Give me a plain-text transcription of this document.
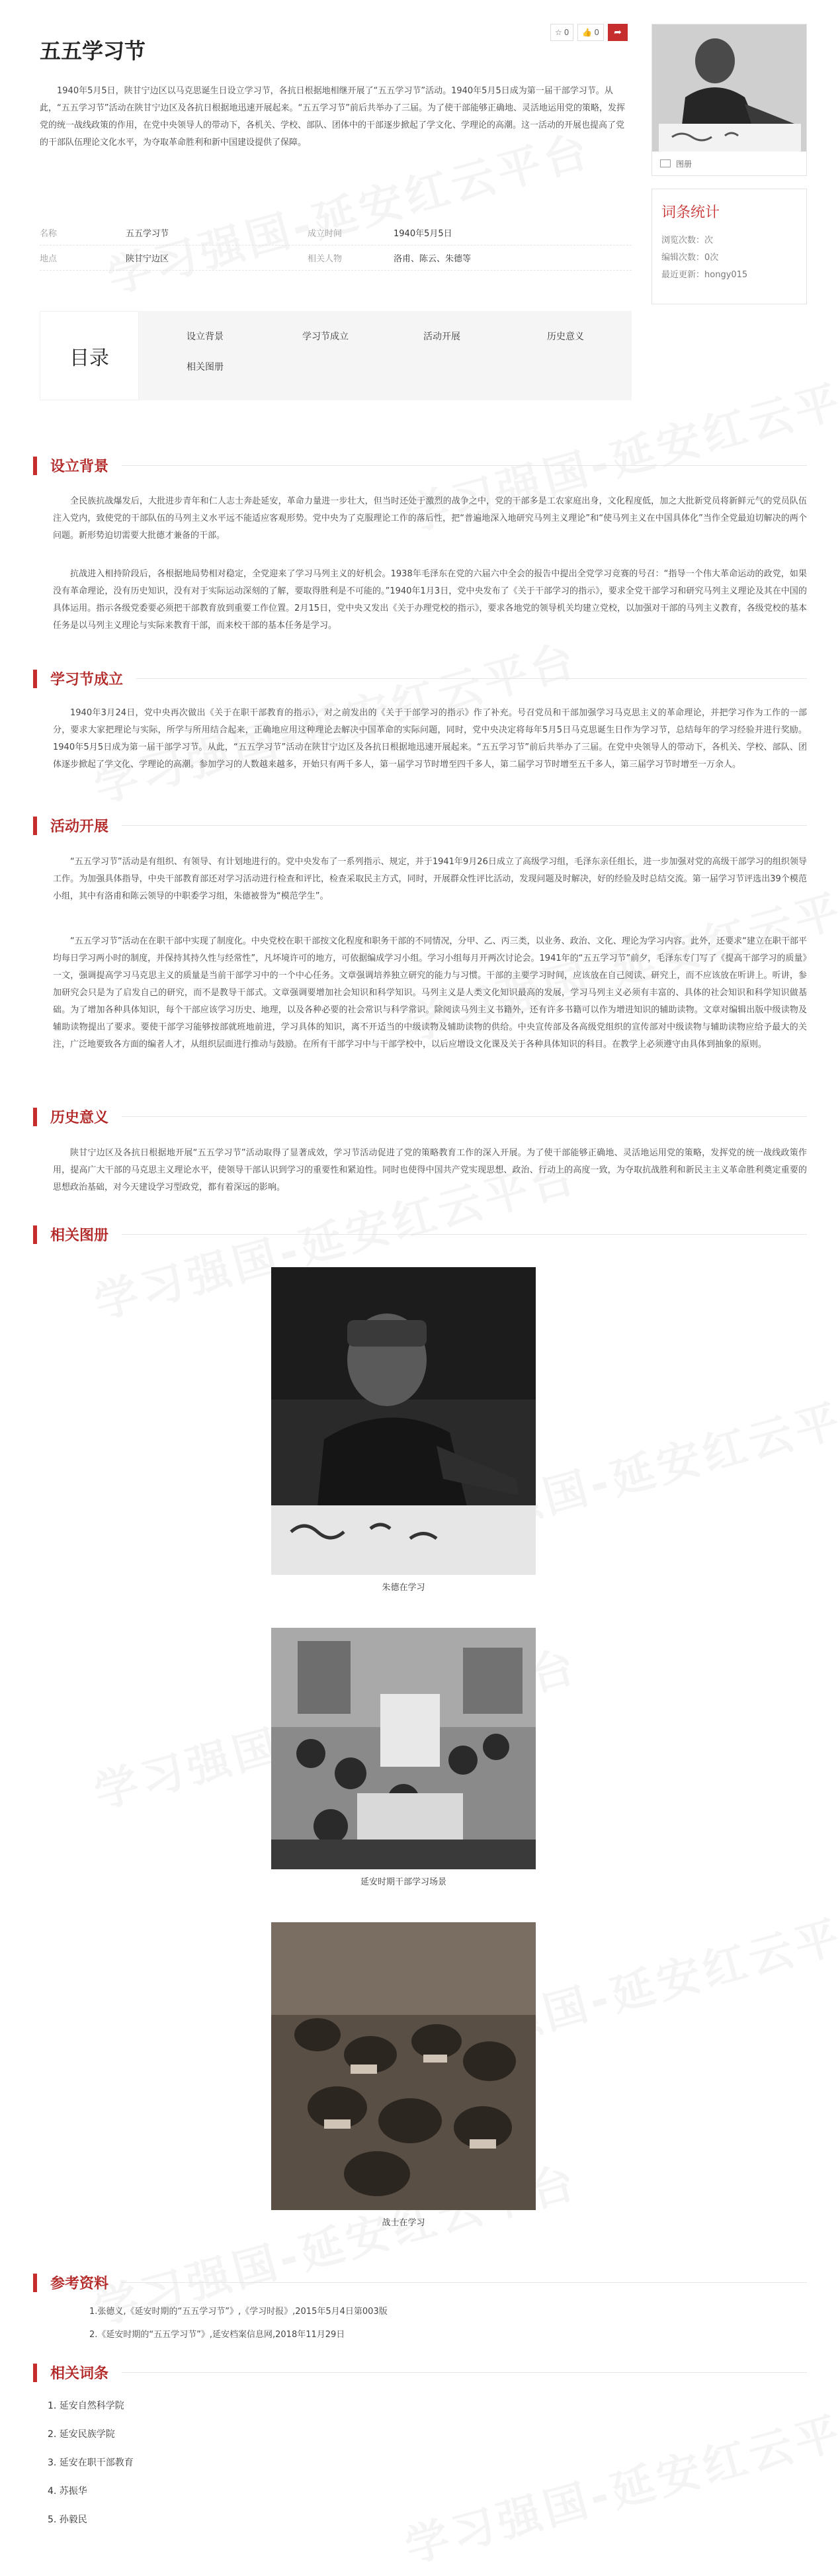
五五学习节
☆ 0 👍 0 ➦

1940年5月5日，陕甘宁边区以马克思诞生日设立学习节，各抗日根据地相继开展了“五五学习节”活动。1940年5月5日成为第一届干部学习节。从此，“五五学习节”活动在陕甘宁边区及各抗日根据地迅速开展起来。“五五学习节”前后共举办了三届。为了使干部能够正确地、灵活地运用党的策略，发挥党的统一战线政策的作用，在党中央领导人的带动下，各机关、学校、部队、团体中的干部逐步掀起了学文化、学理论的高潮。这一活动的开展也提高了党的干部队伍理论文化水平，为夺取革命胜利和新中国建设提供了保障。

图册
词条统计
浏览次数：次
编辑次数：0次
最近更新：hongy015
名称	五五学习节	成立时间	1940年5月5日
地点	陕甘宁边区	相关人物	洛甫、陈云、朱德等
目录
设立背景	学习节成立	活动开展	历史意义
相关图册
设立背景

全民族抗战爆发后，大批进步青年和仁人志士奔赴延安，革命力量进一步壮大，但当时还处于激烈的战争之中，党的干部多是工农家庭出身，文化程度低，加之大批新党员将新鲜元气的党员队伍注入党内，致使党的干部队伍的马列主义水平远不能适应客观形势。党中央为了克服理论工作的落后性，把“普遍地深入地研究马列主义理论”和“使马列主义在中国具体化”当作全党最迫切解决的两个问题。新形势迫切需要大批德才兼备的干部。

抗战进入相持阶段后，各根据地局势相对稳定，全党迎来了学习马列主义的好机会。1938年毛泽东在党的六届六中全会的报告中提出全党学习竞赛的号召：“指导一个伟大革命运动的政党，如果没有革命理论，没有历史知识，没有对于实际运动深刻的了解，要取得胜利是不可能的。”1940年1月3日，党中央发布了《关于干部学习的指示》，要求全党干部学习和研究马列主义理论及其在中国的具体运用。指示各级党委要必须把干部教育放到重要工作位置。2月15日，党中央又发出《关于办理党校的指示》，要求各地党的领导机关均建立党校，以加强对干部的马列主义教育，各级党校的基本任务是以马列主义理论与实际来教育干部，而来校干部的基本任务是学习。

学习节成立

1940年3月24日，党中央再次做出《关于在职干部教育的指示》，对之前发出的《关于干部学习的指示》作了补充。号召党员和干部加强学习马克思主义的革命理论，并把学习作为工作的一部分，要求大家把理论与实际，所学与所用结合起来，正确地应用这种理论去解决中国革命的实际问题，同时，党中央决定将每年5月5日马克思诞生日作为学习节，总结每年的学习经验并进行奖励。1940年5月5日成为第一届干部学习节。从此，“五五学习节”活动在陕甘宁边区及各抗日根据地迅速开展起来。“五五学习节”前后共举办了三届。在党中央领导人的带动下，各机关、学校、部队、团体逐步掀起了学文化、学理论的高潮。参加学习的人数越来越多，开始只有两千多人，第一届学习节时增至四千多人，第二届学习节时增至五千多人，第三届学习节时增至一万余人。

活动开展

“五五学习节”活动是有组织、有领导、有计划地进行的。党中央发布了一系列指示、规定，并于1941年9月26日成立了高级学习组，毛泽东亲任组长，进一步加强对党的高级干部学习的组织领导工作。为加强具体指导，中央干部教育部还对学习活动进行检查和评比，检查采取民主方式，同时，开展群众性评比活动，发现问题及时解决，好的经验及时总结交流。第一届学习节评选出39个模范小组，其中有洛甫和陈云领导的中职委学习组，朱德被誉为“模范学生”。

“五五学习节”活动在在职干部中实现了制度化。中央党校在职干部按文化程度和职务干部的不同情况，分甲、乙、丙三类，以业务、政治、文化、理论为学习内容。此外，还要求“建立在职干部平均每日学习两小时的制度，并保持其持久性与经常性”，凡坏境许可的地方，可依据编成学习小组。学习小组每月开两次讨论会。1941年的“五五学习节”前夕，毛泽东专门写了《提高干部学习的质量》一文，强调提高学习马克思主义的质量是当前干部学习中的一个中心任务。文章强调培养独立研究的能力与习惯。干部的主要学习时间，应该放在自己阅读、研究上，而不应该放在听讲上。听讲，参加研究会只是为了启发自己的研究，而不是教导干部式。文章强调要增加社会知识和科学知识。马列主义是人类文化知识最高的发展，学习马列主义必须有丰富的、具体的社会知识和科学知识做基础。为了增加各种具体知识，每个干部应该学习历史、地理，以及各种必要的社会常识与科学常识。除阅读马列主义书籍外，还有许多书籍可以作为增进知识的辅助读物。文章对编辑出版中级读物及辅助读物提出了要求。要使干部学习能够按部就班地前进，学习具体的知识，离不开适当的中级读物及辅助读物的供给。中央宣传部及各高级党组织的宣传部对中级读物与辅助读物应给予最大的关注，广泛地要致各方面的编者人才，从组织层面进行推动与鼓励。在所有干部学习中与干部学校中，以后应增设文化课及关于各种具体知识的科目。在教学上必须遵守由具体到抽象的原则。

历史意义

陕甘宁边区及各抗日根据地开展“五五学习节”活动取得了显著成效，学习节活动促进了党的策略教育工作的深入开展。为了使干部能够正确地、灵活地运用党的策略，发挥党的统一战线政策作用，提高广大干部的马克思主义理论水平，使领导干部认识到学习的重要性和紧迫性。同时也使得中国共产党实现思想、政治、行动上的高度一致，为夺取抗战胜利和新民主主义革命胜利奠定重要的思想政治基础，对今天建设学习型政党，都有着深远的影响。

相关图册
朱德在学习
延安时期干部学习场景
战士在学习
参考资料
1.张德义,《延安时期的“五五学习节”》,《学习时报》,2015年5月4日第003版
2.《延安时期的“五五学习节”》,延安档案信息网,2018年11月29日
相关词条
1. 延安自然科学院
2. 延安民族学院
3. 延安在职干部教育
4. 苏振华
5. 孙毅民
